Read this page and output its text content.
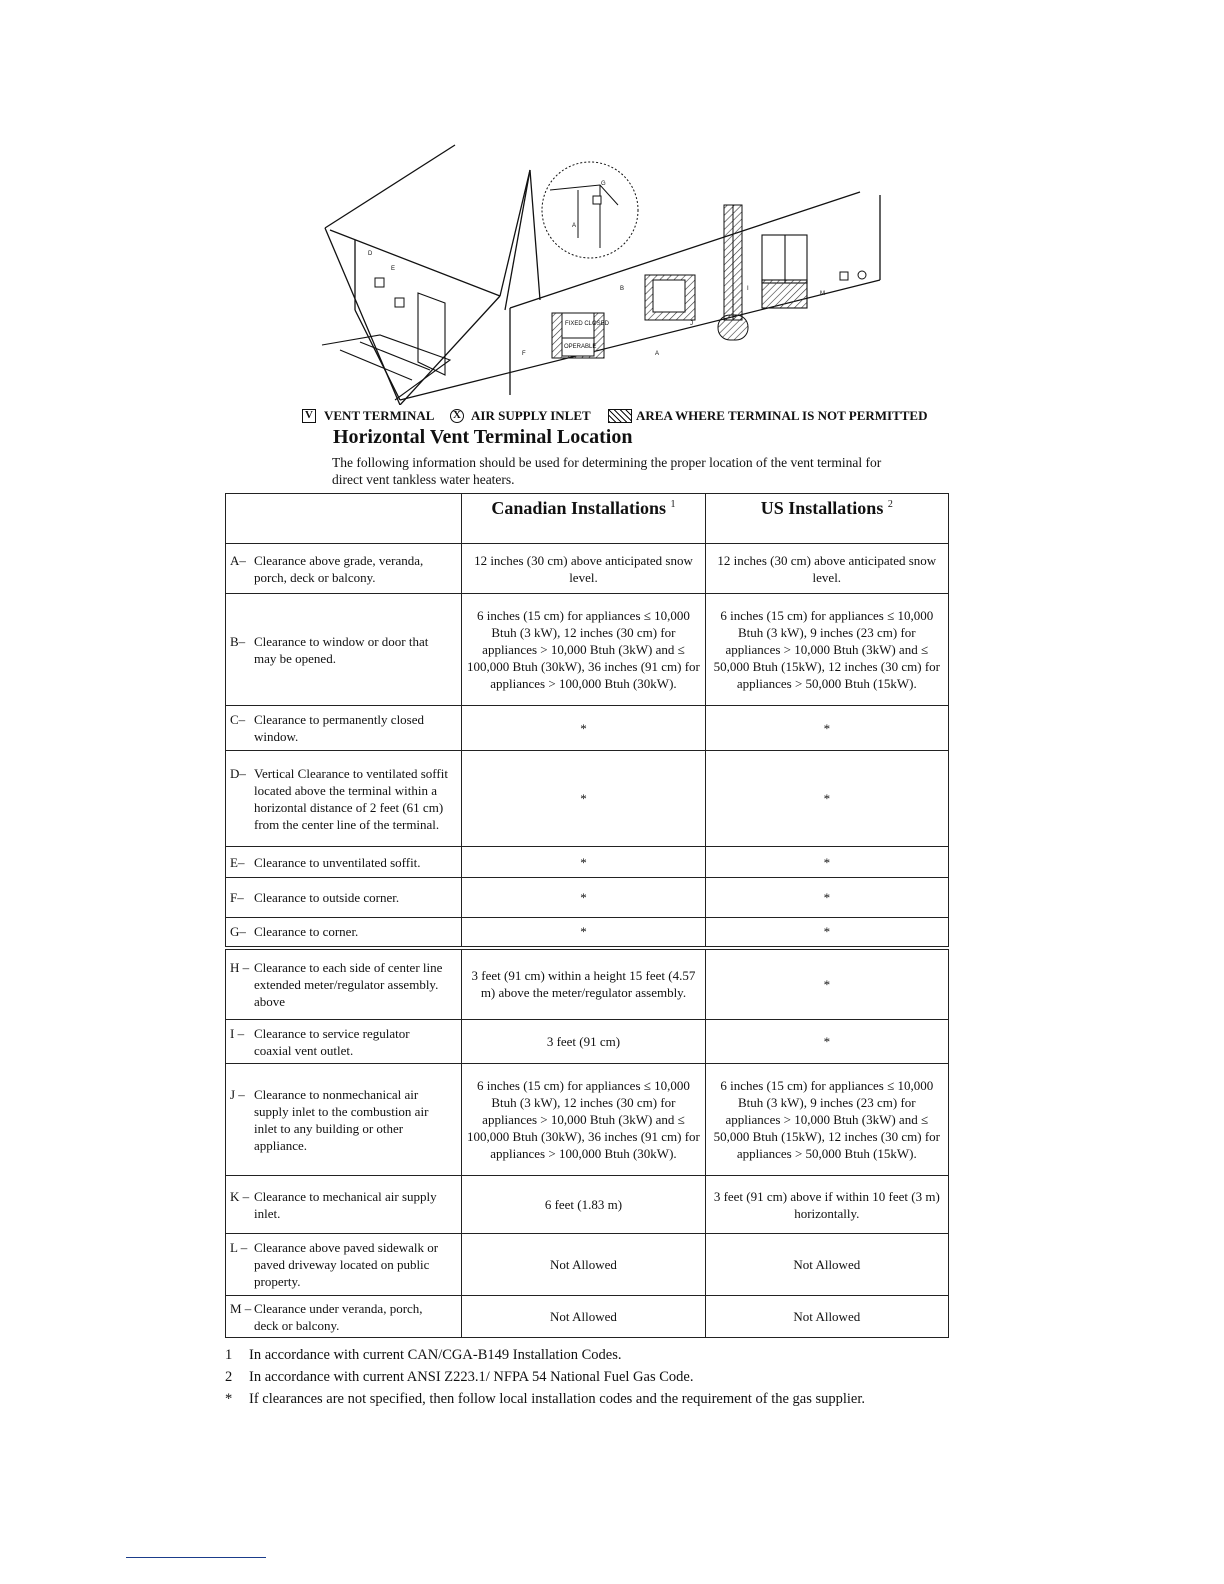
FIXED CLOSED
OPERABLE
D
E
A
G
B
F	A
J
I
M
V VENT TERMINAL X AIR SUPPLY INLET	AREA WHERE TERMINAL IS NOT PERMITTED
Horizontal Vent Terminal Location

The following information should be used for determining the proper location of the vent terminal for direct vent tankless water heaters.

	Canadian Installations $^1$	US Installations $^2$
A– Clearance above grade, veranda, porch, deck or balcony.	12 inches (30 cm) above anticipated snow level.	12 inches (30 cm) above anticipated snow level.
B– Clearance to window or door that may be opened.	6 inches (15 cm) for appliances ≤ 10,000 Btuh (3 kW), 12 inches (30 cm) for appliances > 10,000 Btuh (3kW) and ≤ 100,000 Btuh (30kW), 36 inches (91 cm) for appliances > 100,000 Btuh (30kW).	6 inches (15 cm) for appliances ≤ 10,000 Btuh (3 kW), 9 inches (23 cm) for appliances > 10,000 Btuh (3kW) and ≤ 50,000 Btuh (15kW), 12 inches (30 cm) for appliances > 50,000 Btuh (15kW).
C– Clearance to permanently closed window.	*	*
D– Vertical Clearance to ventilated soffit located above the terminal within a horizontal distance of 2 feet (61 cm) from the center line of the terminal.	*	*
E– Clearance to unventilated soffit.	*	*
F– Clearance to outside corner.	*	*
G– Clearance to corner.	*	*
H – Clearance to each side of center line extended meter/regulator assembly. above	3 feet (91 cm) within a height 15 feet (4.57 m) above the meter/regulator assembly.	*
I – Clearance to service regulator coaxial vent outlet.	3 feet (91 cm)	*
J – Clearance to nonmechanical air supply inlet to the combustion air inlet to any building or other appliance.	6 inches (15 cm) for appliances ≤ 10,000 Btuh (3 kW), 12 inches (30 cm) for appliances > 10,000 Btuh (3kW) and ≤ 100,000 Btuh (30kW), 36 inches (91 cm) for appliances > 100,000 Btuh (30kW).	6 inches (15 cm) for appliances ≤ 10,000 Btuh (3 kW), 9 inches (23 cm) for appliances > 10,000 Btuh (3kW) and ≤ 50,000 Btuh (15kW), 12 inches (30 cm) for appliances > 50,000 Btuh (15kW).
K – Clearance to mechanical air supply inlet.	6 feet (1.83 m)	3 feet (91 cm) above if within 10 feet (3 m) horizontally.
L – Clearance above paved sidewalk or paved driveway located on public property.	Not Allowed	Not Allowed
M – Clearance under veranda, porch, deck or balcony.	Not Allowed	Not Allowed
1 In accordance with current CAN/CGA-B149 Installation Codes.
2 In accordance with current ANSI Z223.1/ NFPA 54 National Fuel Gas Code.
* If clearances are not specified, then follow local installation codes and the requirement of the gas supplier.
